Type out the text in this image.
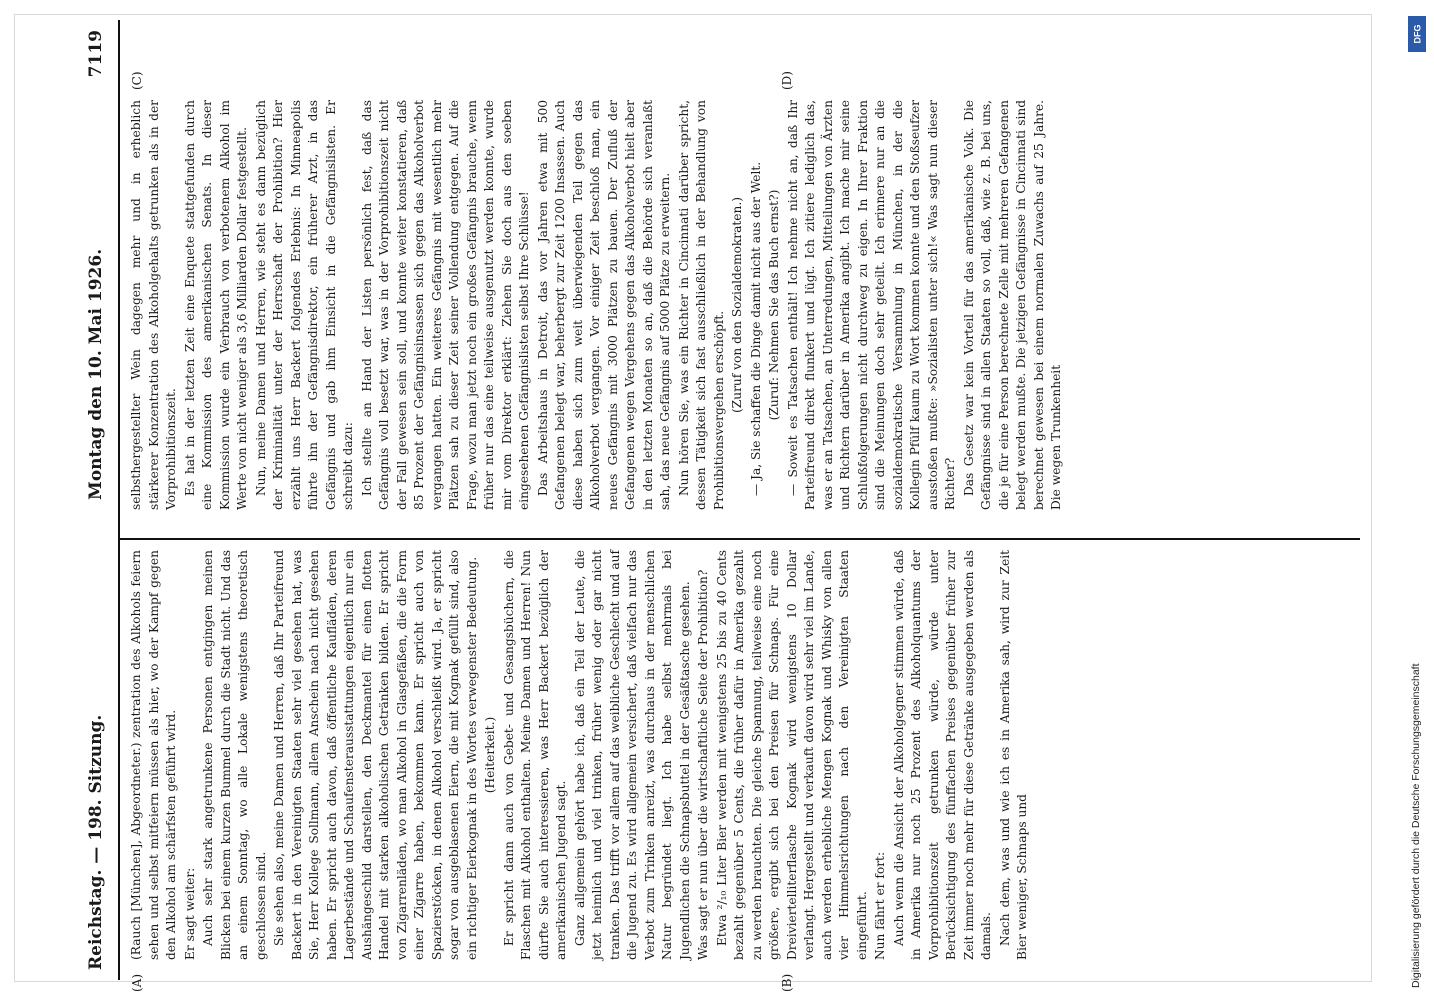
Reichstag. — 198. Sitzung.
Montag den 10. Mai 1926.
7119
(A)	(B)
(C)	(D)

(Rauch [München], Abgeordneter.) zentration des Alkohols feiern sehen und selbst mitfeiern müssen als hier, wo der Kampf gegen den Alkohol am schärfsten geführt wird. Er sagt weiter: Auch sehr stark angetrunkene Personen entgingen meinen Blicken bei einem kurzen Bummel durch die Stadt nicht. Und das an einem Sonntag, wo alle Lokale wenigstens theoretisch geschlossen sind. Sie sehen also, meine Damen und Herren, daß Ihr Parteifreund Backert in den Vereinigten Staaten sehr viel gesehen hat, was Sie, Herr Kollege Sollmann, allem Anschein nach nicht gesehen haben. Er spricht auch davon, daß öffentliche Kaufläden, deren Lagerbestände und Schaufensterausstattungen eigentlich nur ein Aushängeschild darstellen, den Deckmantel für einen flotten Handel mit starken alkoholischen Getränken bilden. Er spricht von Zigarrenläden, wo man Alkohol in Glasgefäßen, die die Form einer Zigarre haben, bekommen kann. Er spricht auch von Spazierstöcken, in denen Alkohol verschleißt wird. Ja, er spricht sogar von ausgeblasenen Eiern, die mit Kognak gefüllt sind, also ein richtiger Eierkognak in des Wortes verwegenster Bedeutung. (Heiterkeit.) Er spricht dann auch von Gebet- und Gesangsbüchern, die Flaschen mit Alkohol enthalten. Meine Damen und Herren! Nun dürfte Sie auch interessieren, was Herr Backert bezüglich der amerikanischen Jugend sagt. Ganz allgemein gehört habe ich, daß ein Teil der Leute, die jetzt heimlich und viel trinken, früher wenig oder gar nicht tranken. Das trifft vor allem auf das weibliche Geschlecht und auf die Jugend zu. Es wird allgemein versichert, daß vielfach nur das Verbot zum Trinken anreizt, was durchaus in der menschlichen Natur begründet liegt. Ich habe selbst mehrmals bei Jugendlichen die Schnapsbuttel in der Gesäßtasche gesehen. Was sagt er nun über die wirtschaftliche Seite der Prohibition? Etwa ²/₁₀ Liter Bier werden mit wenigstens 25 bis zu 40 Cents bezahlt gegenüber 5 Cents, die früher dafür in Amerika gezahlt zu werden brauchten. Die gleiche Spannung, teilweise eine noch größere, ergibt sich bei den Preisen für Schnaps. Für eine Dreiviertelliterflasche Kognak wird wenigstens 10 Dollar verlangt. Hergestellt und verkauft davon wird sehr viel im Lande, auch werden erhebliche Mengen Kognak und Whisky von allen vier Himmelsrichtungen nach den Vereinigten Staaten eingeführt. Nun fährt er fort: Auch wenn die Ansicht der Alkoholgegner stimmen würde, daß in Amerika nur noch 25 Prozent des Alkoholquantums der Vorprohibitionszeit getrunken würde, würde unter Berücksichtigung des fünffachen Preises gegenüber früher zur Zeit immer noch mehr für diese Getränke ausgegeben werden als damals. Nach dem, was und wie ich es in Amerika sah, wird zur Zeit Bier weniger, Schnaps und

selbsthergestellter Wein dagegen mehr und in erheblich stärkerer Konzentration des Alkoholgehalts getrunken als in der Vorprohibitionszeit. Es hat in der letzten Zeit eine Enquete stattgefunden durch eine Kommission des amerikanischen Senats. In dieser Kommission wurde ein Verbrauch von verbotenem Alkohol im Werte von nicht weniger als 3,6 Milliarden Dollar festgestellt. Nun, meine Damen und Herren, wie steht es dann bezüglich der Kriminalität unter der Herrschaft der Prohibition? Hier erzählt uns Herr Backert folgendes Erlebnis: In Minneapolis führte ihn der Gefängnisdirektor, ein früherer Arzt, in das Gefängnis und gab ihm Einsicht in die Gefängnislisten. Er schreibt dazu: Ich stellte an Hand der Listen persönlich fest, daß das Gefängnis voll besetzt war, was in der Vorprohibitionszeit nicht der Fall gewesen sein soll, und konnte weiter konstatieren, daß 85 Prozent der Gefängnisinsassen sich gegen das Alkoholverbot vergangen hatten. Ein weiteres Gefängnis mit wesentlich mehr Plätzen sah zu dieser Zeit seiner Vollendung entgegen. Auf die Frage, wozu man jetzt noch ein großes Gefängnis brauche, wenn früher nur das eine teilweise ausgenutzt werden konnte, wurde mir vom Direktor erklärt: Ziehen Sie doch aus den soeben eingesehenen Gefängnislisten selbst Ihre Schlüsse! Das Arbeitshaus in Detroit, das vor Jahren etwa mit 500 Gefangenen belegt war, beherbergt zur Zeit 1200 Insassen. Auch diese haben sich zum weit überwiegenden Teil gegen das Alkoholverbot vergangen. Vor einiger Zeit beschloß man, ein neues Gefängnis mit 3000 Plätzen zu bauen. Der Zufluß der Gefangenen wegen Vergehens gegen das Alkoholverbot hielt aber in den letzten Monaten so an, daß die Behörde sich veranlaßt sah, das neue Gefängnis auf 5000 Plätze zu erweitern. Nun hören Sie, was ein Richter in Cincinnati darüber spricht, dessen Tätigkeit sich fast ausschließlich in der Behandlung von Prohibitionsvergehen erschöpft. (Zuruf von den Sozialdemokraten.) — Ja, Sie schaffen die Dinge damit nicht aus der Welt. (Zuruf: Nehmen Sie das Buch ernst?) — Soweit es Tatsachen enthält! Ich nehme nicht an, daß Ihr Parteifreund direkt flunkert und lügt. Ich zitiere lediglich das, was er an Tatsachen, an Unterredungen, Mitteilungen von Ärzten und Richtern darüber in Amerika angibt. Ich mache mir seine Schlußfolgerungen nicht durchweg zu eigen. In Ihrer Fraktion sind die Meinungen doch sehr geteilt. Ich erinnere nur an die sozialdemokratische Versammlung in München, in der die Kollegin Pfülf kaum zu Wort kommen konnte und den Stoßseufzer ausstoßen mußte: »Sozialisten unter sich!« Was sagt nun dieser Richter? Das Gesetz war kein Vorteil für das amerikanische Volk. Die Gefängnisse sind in allen Staaten so voll, daß, wie z. B. bei uns, die je für eine Person berechnete Zelle mit mehreren Gefangenen belegt werden mußte. Die jetzigen Gefängnisse in Cincinnati sind berechnet gewesen bei einem normalen Zuwachs auf 25 Jahre. Die wegen Trunkenheit

DFG
Digitalisierung gefördert durch die Deutsche Forschungsgemeinschaft
